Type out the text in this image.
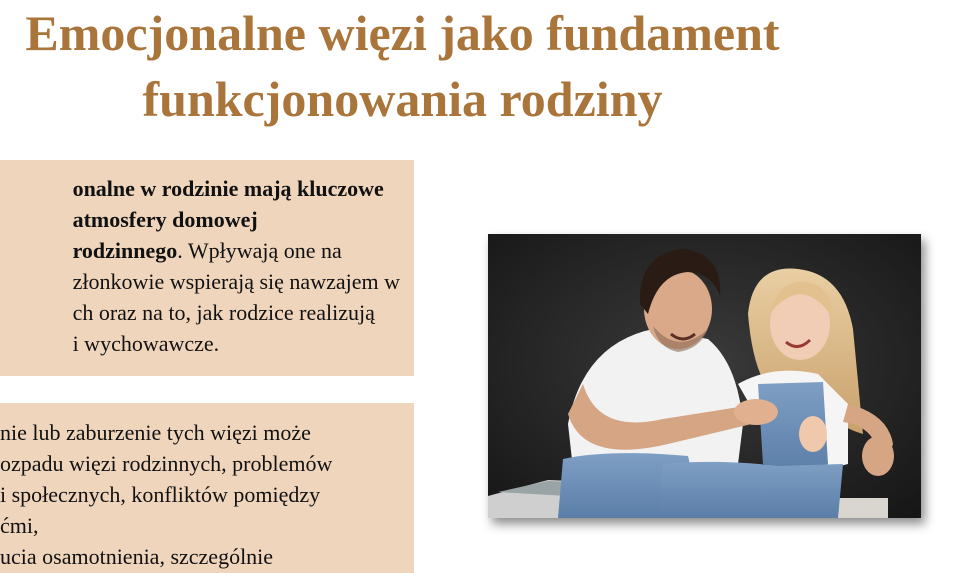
Emocjonalne więzi jako fundament
funkcjonowania rodziny
onalne w rodzinie mają kluczowe
atmosfery domowej
rodzinnego. Wpływają one na
złonkowie wspierają się nawzajem w
ch oraz na to, jak rodzice realizują
i wychowawcze.
nie lub zaburzenie tych więzi może
ozpadu więzi rodzinnych, problemów
i społecznych, konfliktów pomiędzy
ćmi,
ucia osamotnienia, szczególnie
